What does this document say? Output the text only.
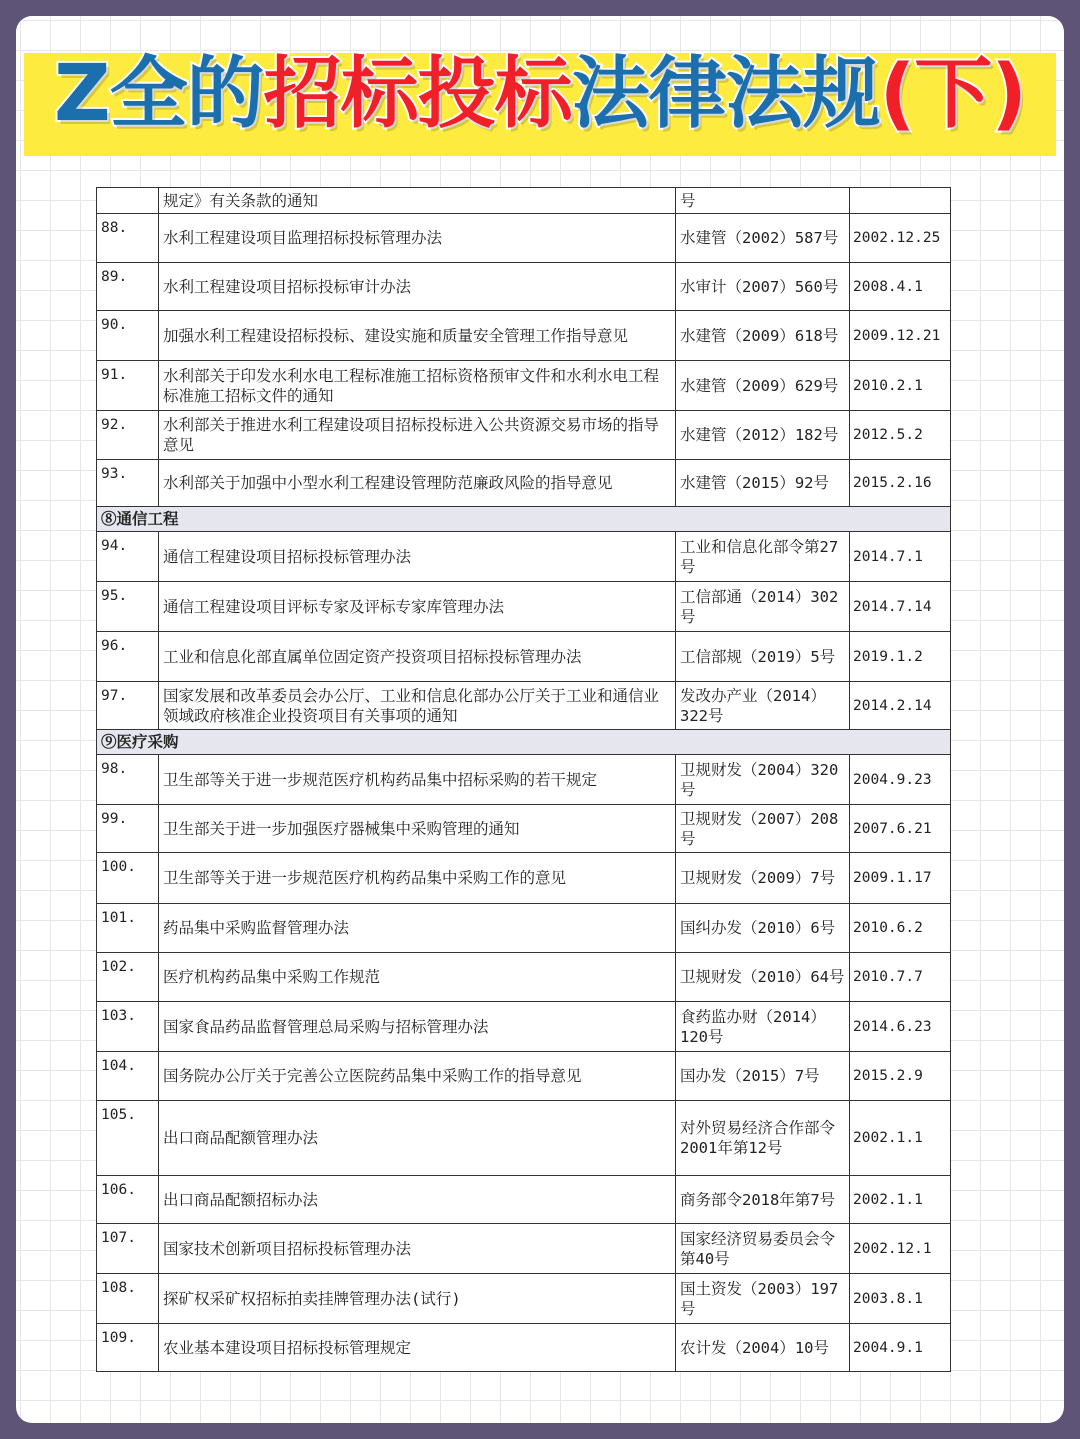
Z全的招标投标法律法规(下)
	规定》有关条款的通知	号	
88.	水利工程建设项目监理招标投标管理办法	水建管（2002）587号	2002.12.25
89.	水利工程建设项目招标投标审计办法	水审计（2007）560号	2008.4.1
90.	加强水利工程建设招标投标、建设实施和质量安全管理工作指导意见	水建管（2009）618号	2009.12.21
91.	水利部关于印发水利水电工程标准施工招标资格预审文件和水利水电工程标准施工招标文件的通知	水建管（2009）629号	2010.2.1
92.	水利部关于推进水利工程建设项目招标投标进入公共资源交易市场的指导意见	水建管（2012）182号	2012.5.2
93.	水利部关于加强中小型水利工程建设管理防范廉政风险的指导意见	水建管（2015）92号	2015.2.16
⑧通信工程			
94.	通信工程建设项目招标投标管理办法	工业和信息化部令第27号	2014.7.1
95.	通信工程建设项目评标专家及评标专家库管理办法	工信部通（2014）302号	2014.7.14
96.	工业和信息化部直属单位固定资产投资项目招标投标管理办法	工信部规（2019）5号	2019.1.2
97.	国家发展和改革委员会办公厅、工业和信息化部办公厅关于工业和通信业领域政府核准企业投资项目有关事项的通知	发改办产业（2014）322号	2014.2.14
⑨医疗采购			
98.	卫生部等关于进一步规范医疗机构药品集中招标采购的若干规定	卫规财发（2004）320号	2004.9.23
99.	卫生部关于进一步加强医疗器械集中采购管理的通知	卫规财发（2007）208号	2007.6.21
100.	卫生部等关于进一步规范医疗机构药品集中采购工作的意见	卫规财发（2009）7号	2009.1.17
101.	药品集中采购监督管理办法	国纠办发（2010）6号	2010.6.2
102.	医疗机构药品集中采购工作规范	卫规财发（2010）64号	2010.7.7
103.	国家食品药品监督管理总局采购与招标管理办法	食药监办财（2014）120号	2014.6.23
104.	国务院办公厅关于完善公立医院药品集中采购工作的指导意见	国办发（2015）7号	2015.2.9
105.	出口商品配额管理办法	对外贸易经济合作部令2001年第12号	2002.1.1
106.	出口商品配额招标办法	商务部令2018年第7号	2002.1.1
107.	国家技术创新项目招标投标管理办法	国家经济贸易委员会令第40号	2002.12.1
108.	探矿权采矿权招标拍卖挂牌管理办法(试行)	国土资发（2003）197号	2003.8.1
109.	农业基本建设项目招标投标管理规定	农计发（2004）10号	2004.9.1
